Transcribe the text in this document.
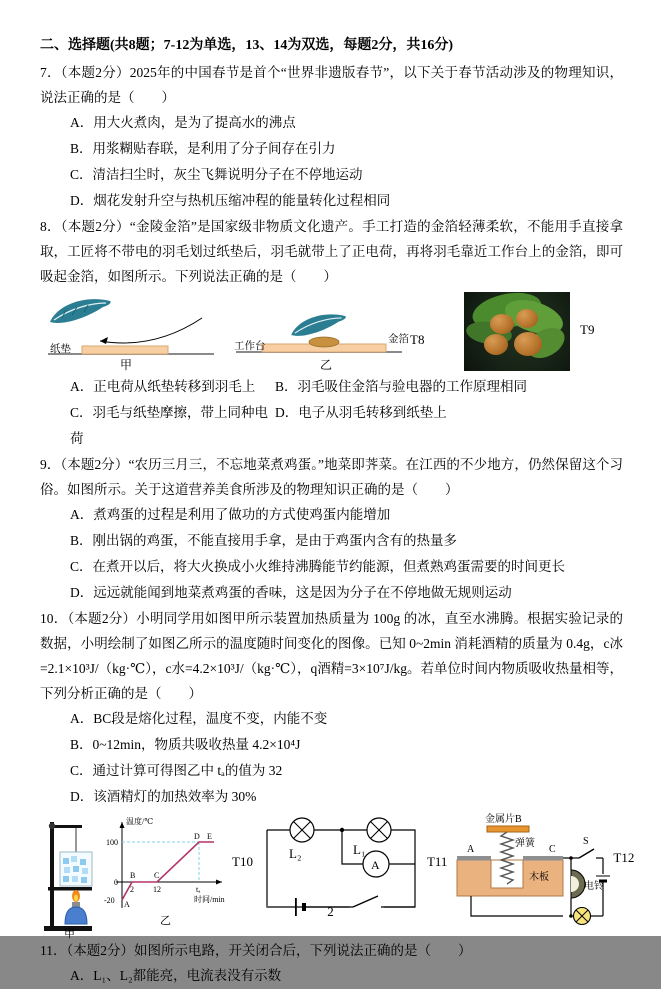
二、选择题(共8题；7-12为单选，13、14为双选，每题2分，共16分)
7．（本题2分）2025年的中国春节是首个“世界非遗版春节”，以下关于春节活动涉及的物理知识，说法正确的是（　　）
A．用大火煮肉，是为了提高水的沸点
B．用浆糊贴春联，是利用了分子间存在引力
C．清洁扫尘时，灰尘飞舞说明分子在不停地运动
D．烟花发射升空与热机压缩冲程的能量转化过程相同
8．（本题2分）“金陵金箔”是国家级非物质文化遗产。手工打造的金箔轻薄柔软，不能用手直接拿取，工匠将不带电的羽毛划过纸垫后，羽毛就带上了正电荷，再将羽毛靠近工作台上的金箔，即可吸起金箔，如图所示。下列说法正确的是（　　）
纸垫
甲
工作台
金箔 T8
乙
T9
A．正电荷从纸垫转移到羽毛上	B．羽毛吸住金箔与验电器的工作原理相同
C．羽毛与纸垫摩擦，带上同种电荷
D．电子从羽毛转移到纸垫上
9．（本题2分）“农历三月三，不忘地菜煮鸡蛋。”地菜即荠菜。在江西的不少地方，仍然保留这个习俗。如图所示。关于这道营养美食所涉及的物理知识正确的是（　　）
A．煮鸡蛋的过程是利用了做功的方式使鸡蛋内能增加
B．刚出锅的鸡蛋，不能直接用手拿，是由于鸡蛋内含有的热量多
C．在煮开以后，将大火换成小火维持沸腾能节约能源，但煮熟鸡蛋需要的时间更长
D．远远就能闻到地菜煮鸡蛋的香味，这是因为分子在不停地做无规则运动
10．（本题2分）小明同学用如图甲所示装置加热质量为 100g 的冰，直至水沸腾。根据实验记录的数据，小明绘制了如图乙所示的温度随时间变化的图像。已知 0~2min 消耗酒精的质量为 0.4g，c冰=2.1×10³J/（kg·℃），c水=4.2×10³J/（kg·℃），q酒精=3×10⁷J/kg。若单位时间内物质吸收热量相等，下列分析正确的是（　　）
A．BC段是熔化过程，温度不变，内能不变
B．0~12min，物质共吸收热量 4.2×10⁴J
C．通过计算可得图乙中 tₐ的值为 32
D．该酒精灯的加热效率为 30%
甲
温度/℃
100
0
-20 A
B C
D E
2 12	tₐ
时间/min
乙
T10	A
L₂	L₁
T11
金属片B
弹簧
木板
A	C
S
电铃
T12
11．（本题2分）如图所示电路，开关闭合后，下列说法正确的是（　　）
A．L₁、L₂都能亮，电流表没有示数
2
